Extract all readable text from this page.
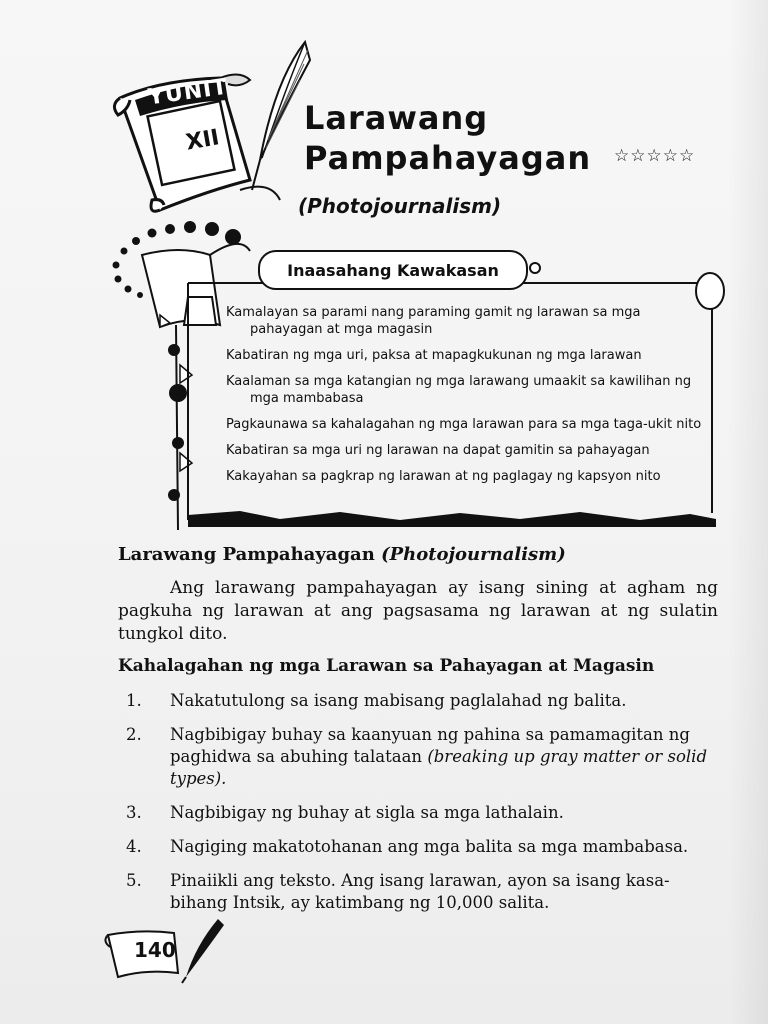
YUNIT
XII
Larawang
Pampahayagan ☆☆☆☆☆
(Photojournalism)
Inaasahang Kawakasan
Kamalayan sa parami nang paraming gamit ng larawan sa mga pahayagan at mga magasin
Kabatiran ng mga uri, paksa at mapagkukunan ng mga larawan
Kaalaman sa mga katangian ng mga larawang umaakit sa kawilihan ng mga mambabasa
Pagkaunawa sa kahalagahan ng mga larawan para sa mga taga-ukit nito
Kabatiran sa mga uri ng larawan na dapat gamitin sa pahayagan
Kakayahan sa pagkrap ng larawan at ng paglagay ng kapsyon nito
Larawang Pampahayagan (Photojournalism)

Ang larawang pampahayagan ay isang sining at agham ng pagkuha ng larawan at ang pagsasama ng larawan at ng sulatin tungkol dito.

Kahalagahan ng mga Larawan sa Pahayagan at Magasin
1. Nakatutulong sa isang mabisang paglalahad ng balita.
2. Nagbibigay buhay sa kaanyuan ng pahina sa pamamagitan ng paghidwa sa abuhing talataan (breaking up gray matter or solid types).
3. Nagbibigay ng buhay at sigla sa mga lathalain.
4. Nagiging makatotohanan ang mga balita sa mga mambabasa.
5. Pinaiikli ang teksto. Ang isang larawan, ayon sa isang kasa-bihang Intsik, ay katimbang ng 10,000 salita.
140
